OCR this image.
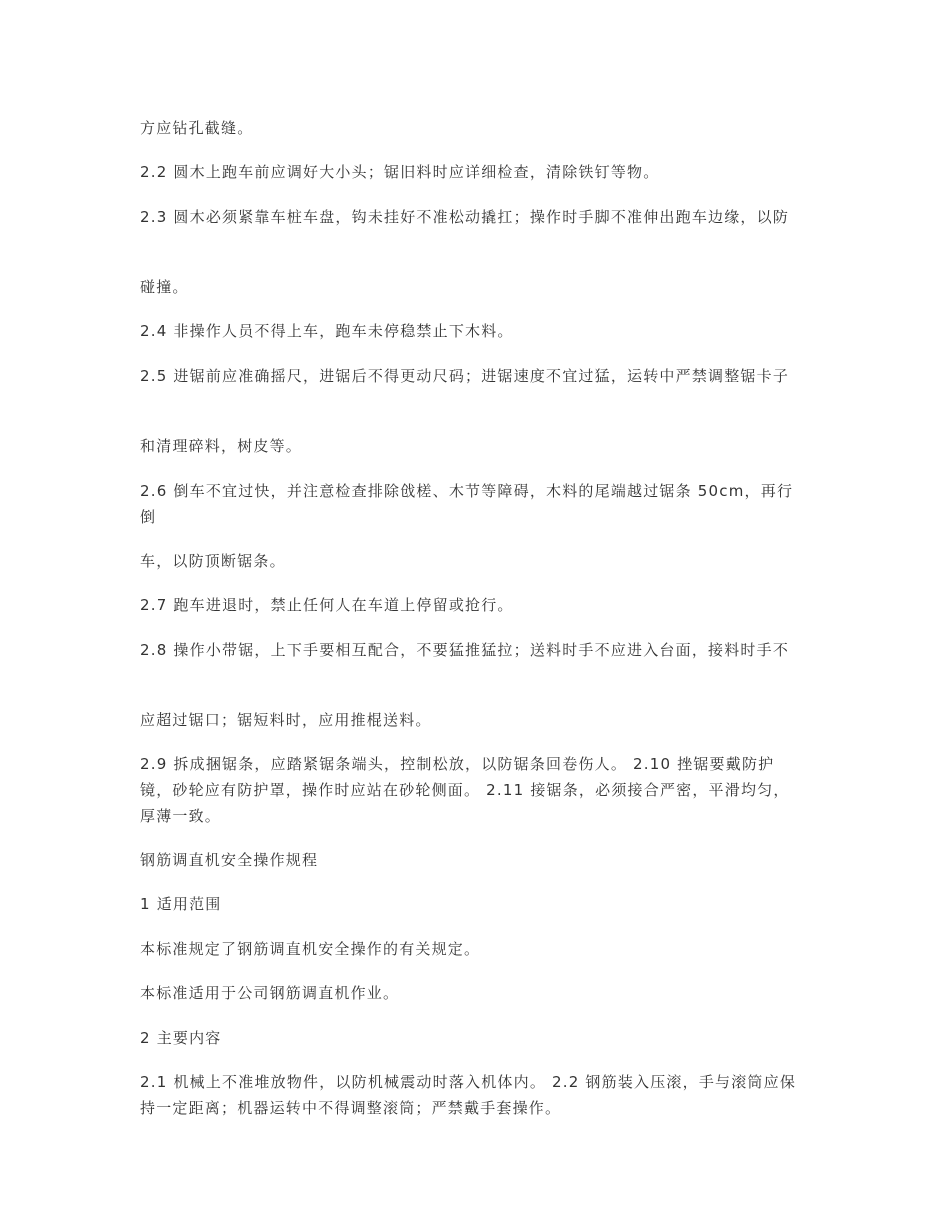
方应钻孔截缝。

2.2 圆木上跑车前应调好大小头；锯旧料时应详细检查，清除铁钉等物。

2.3 圆木必须紧靠车桩车盘，钩未挂好不准松动撬扛；操作时手脚不准伸出跑车边缘，以防

碰撞。

2.4 非操作人员不得上车，跑车未停稳禁止下木料。

2.5 进锯前应准确摇尺，进锯后不得更动尺码；进锯速度不宜过猛，运转中严禁调整锯卡子

和清理碎料，树皮等。

2.6 倒车不宜过快，并注意检查排除戗槎、木节等障碍，木料的尾端越过锯条 50cm，再行倒

车，以防顶断锯条。

2.7 跑车进退时，禁止任何人在车道上停留或抢行。

2.8 操作小带锯，上下手要相互配合，不要猛推猛拉；送料时手不应进入台面，接料时手不

应超过锯口；锯短料时，应用推棍送料。

2.9 拆成捆锯条，应踏紧锯条端头，控制松放，以防锯条回卷伤人。 2.10 挫锯要戴防护镜，砂轮应有防护罩，操作时应站在砂轮侧面。 2.11 接锯条，必须接合严密，平滑均匀，厚薄一致。

钢筋调直机安全操作规程

1 适用范围

本标准规定了钢筋调直机安全操作的有关规定。

本标准适用于公司钢筋调直机作业。

2 主要内容

2.1 机械上不准堆放物件，以防机械震动时落入机体内。 2.2 钢筋装入压滚，手与滚筒应保持一定距离；机器运转中不得调整滚筒；严禁戴手套操作。
